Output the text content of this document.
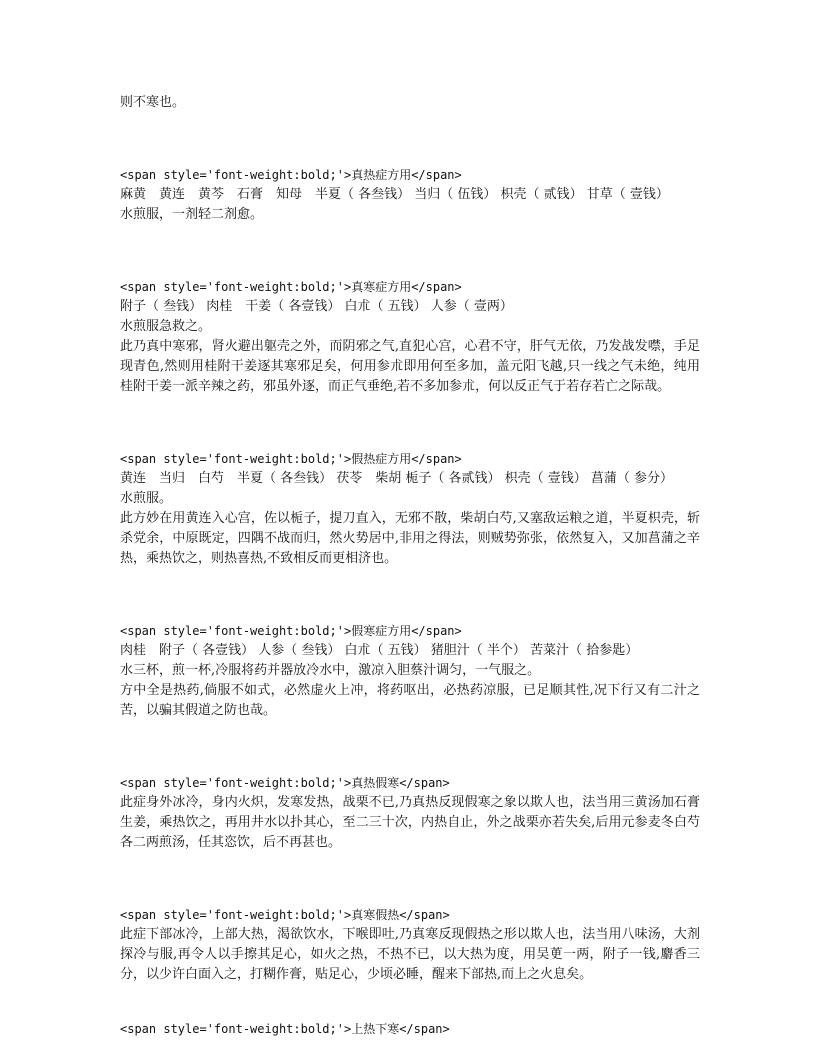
则不寒也。
<span style='font-weight:bold;'>真热症方用</span>
麻黄　黄连　黄芩　石膏　知母　半夏（ 各叁钱） 当归（ 伍钱） 枳壳（ 贰钱） 甘草（ 壹钱）
水煎服，一剂轻二剂愈。
<span style='font-weight:bold;'>真寒症方用</span>
附子（ 叁钱） 肉桂　干姜（ 各壹钱） 白朮（ 五钱） 人参（ 壹两）
水煎服急救之。
此乃真中寒邪，肾火避出躯壳之外，而阴邪之气,直犯心宫，心君不守，肝气无依，乃发战发噤，手足现青色,然则用桂附干姜逐其寒邪足矣，何用参朮即用何至多加，盖元阳飞越,只一线之气未绝，纯用桂附干姜一派辛辣之药，邪虽外逐，而正气垂绝,若不多加参朮，何以反正气于若存若亡之际哉。
<span style='font-weight:bold;'>假热症方用</span>
黄连　当归　白芍　半夏（ 各叁钱） 茯苓　柴胡 栀子（ 各贰钱） 枳壳（ 壹钱） 菖蒲（ 参分）
水煎服。
此方妙在用黄连入心宫，佐以栀子，提刀直入，无邪不散，柴胡白芍,又塞敌运粮之道，半夏枳壳，斩杀党余，中原既定，四隅不战而归，然火势居中,非用之得法，则贼势弥张，依然复入，又加菖蒲之辛热，乘热饮之，则热喜热,不致相反而更相济也。
<span style='font-weight:bold;'>假寒症方用</span>
肉桂　附子（ 各壹钱） 人参（ 叁钱） 白朮（ 五钱） 猪胆汁（ 半个） 苦菜汁（ 拾参匙）
水三杯，煎一杯,冷服将药并器放冷水中，激凉入胆蔡汁调匀，一气服之。
方中全是热药,倘服不如式，必然虚火上冲，将药呕出，必热药凉服，已足顺其性,况下行又有二汁之苦，以骗其假道之防也哉。
<span style='font-weight:bold;'>真热假寒</span>
此症身外冰冷，身内火炽，发寒发热，战栗不已,乃真热反现假寒之象以欺人也，法当用三黄汤加石膏生姜，乘热饮之，再用井水以扑其心，至二三十次，内热自止，外之战栗亦若失矣,后用元参麦冬白芍各二两煎汤，任其恣饮，后不再甚也。
<span style='font-weight:bold;'>真寒假热</span>
此症下部冰冷，上部大热，渴欲饮水，下喉即吐,乃真寒反现假热之形以欺人也，法当用八味汤，大剂探冷与服,再令人以手擦其足心，如火之热，不热不已，以大热为度，用吴茰一两，附子一钱,麝香三分，以少许白面入之，打糊作膏，贴足心，少顷必睡，醒来下部热,而上之火息矣。
<span style='font-weight:bold;'>上热下寒</span>
